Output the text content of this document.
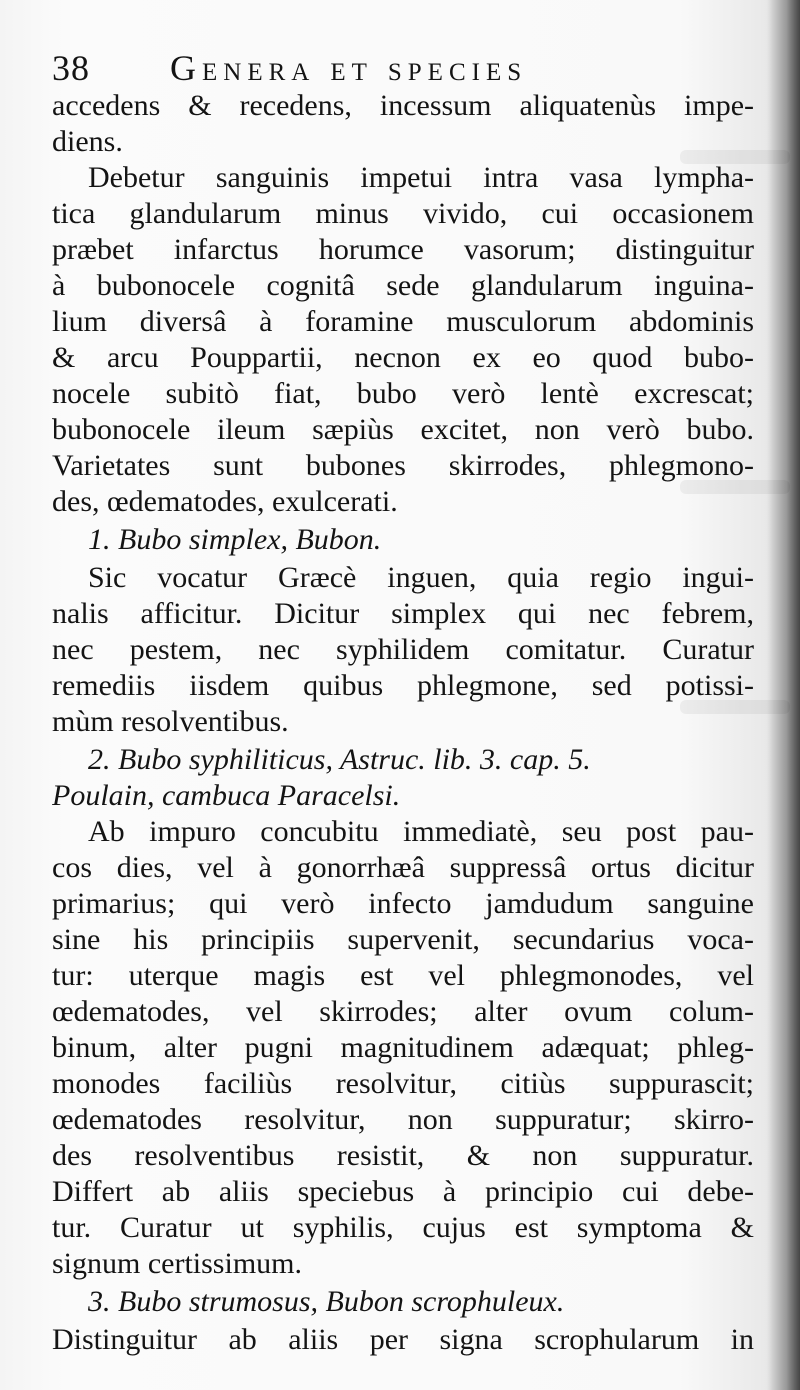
38 Genera et species
accedens & recedens, incessum aliquatenùs impe-
diens.
Debetur sanguinis impetui intra vasa lympha-
tica glandularum minus vivido, cui occasionem
præbet infarctus horumce vasorum; distinguitur
à bubonocele cognitâ sede glandularum inguina-
lium diversâ à foramine musculorum abdominis
& arcu Pouppartii, necnon ex eo quod bubo-
nocele subitò fiat, bubo verò lentè excrescat;
bubonocele ileum sæpiùs excitet, non verò bubo.
Varietates sunt bubones skirrodes, phlegmono-
des, œdematodes, exulcerati.
1. Bubo simplex, Bubon.
Sic vocatur Græcè inguen, quia regio ingui-
nalis afficitur. Dicitur simplex qui nec febrem,
nec pestem, nec syphilidem comitatur. Curatur
remediis iisdem quibus phlegmone, sed potissi-
mùm resolventibus.
2. Bubo syphiliticus, Astruc. lib. 3. cap. 5.
Poulain, cambuca Paracelsi.
Ab impuro concubitu immediatè, seu post pau-
cos dies, vel à gonorrhæâ suppressâ ortus dicitur
primarius; qui verò infecto jamdudum sanguine
sine his principiis supervenit, secundarius voca-
tur: uterque magis est vel phlegmonodes, vel
œdematodes, vel skirrodes; alter ovum colum-
binum, alter pugni magnitudinem adæquat; phleg-
monodes faciliùs resolvitur, citiùs suppurascit;
œdematodes resolvitur, non suppuratur; skirro-
des resolventibus resistit, & non suppuratur.
Differt ab aliis speciebus à principio cui debe-
tur. Curatur ut syphilis, cujus est symptoma &
signum certissimum.
3. Bubo strumosus, Bubon scrophuleux.
Distinguitur ab aliis per signa scrophularum in
